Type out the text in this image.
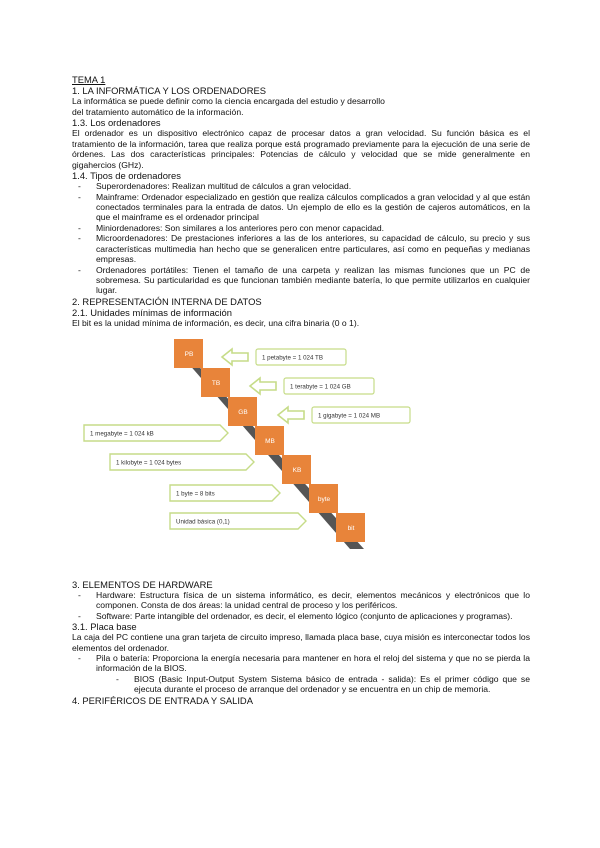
TEMA 1

1. LA INFORMÁTICA Y LOS ORDENADORES

La informática se puede definir como la ciencia encargada del estudio y desarrollo

del tratamiento automático de la información.

1.3. Los ordenadores

El ordenador es un dispositivo electrónico capaz de procesar datos a gran velocidad. Su función básica es el tratamiento de la información, tarea que realiza porque está programado previamente para la ejecución de una serie de órdenes. Las dos características principales: Potencias de cálculo y velocidad que se mide generalmente en gigahercios (GHz).

1.4. Tipos de ordenadores

- Superordenadores: Realizan multitud de cálculos a gran velocidad.
- Mainframe: Ordenador especializado en gestión que realiza cálculos complicados a gran velocidad y al que están conectados terminales para la entrada de datos. Un ejemplo de ello es la gestión de cajeros automáticos, en la que el mainframe es el ordenador principal
- Miniordenadores: Son similares a los anteriores pero con menor capacidad.
- Microordenadores: De prestaciones inferiores a las de los anteriores, su capacidad de cálculo, su precio y sus características multimedia han hecho que se generalicen entre particulares, así como en pequeñas y medianas empresas.
- Ordenadores portátiles: Tienen el tamaño de una carpeta y realizan las mismas funciones que un PC de sobremesa. Su particularidad es que funcionan también mediante batería, lo que permite utilizarlos en cualquier lugar.

2. REPRESENTACIÓN INTERNA DE DATOS

2.1. Unidades mínimas de información

El bit es la unidad mínima de información, es decir, una cifra binaria (0 o 1).

PB
TB
GB
MB
KB
byte
bit
1 petabyte = 1 024 TB
1 terabyte = 1 024 GB
1 gigabyte = 1 024 MB
1 megabyte = 1 024 kB
1 kilobyte = 1 024 bytes
1 byte = 8 bits
Unidad básica (0,1)

3. ELEMENTOS DE HARDWARE

- Hardware: Estructura física de un sistema informático, es decir, elementos mecánicos y electrónicos que lo componen. Consta de dos áreas: la unidad central de proceso y los periféricos.
- Software: Parte intangible del ordenador, es decir, el elemento lógico (conjunto de aplicaciones y programas).

3.1. Placa base

La caja del PC contiene una gran tarjeta de circuito impreso, llamada placa base, cuya misión es interconectar todos los elementos del ordenador.

- Pila o batería: Proporciona la energía necesaria para mantener en hora el reloj del sistema y que no se pierda la información de la BIOS.
- BIOS (Basic Input-Output System Sistema básico de entrada - salida): Es el primer código que se ejecuta durante el proceso de arranque del ordenador y se encuentra en un chip de memoria.

4. PERIFÉRICOS DE ENTRADA Y SALIDA
